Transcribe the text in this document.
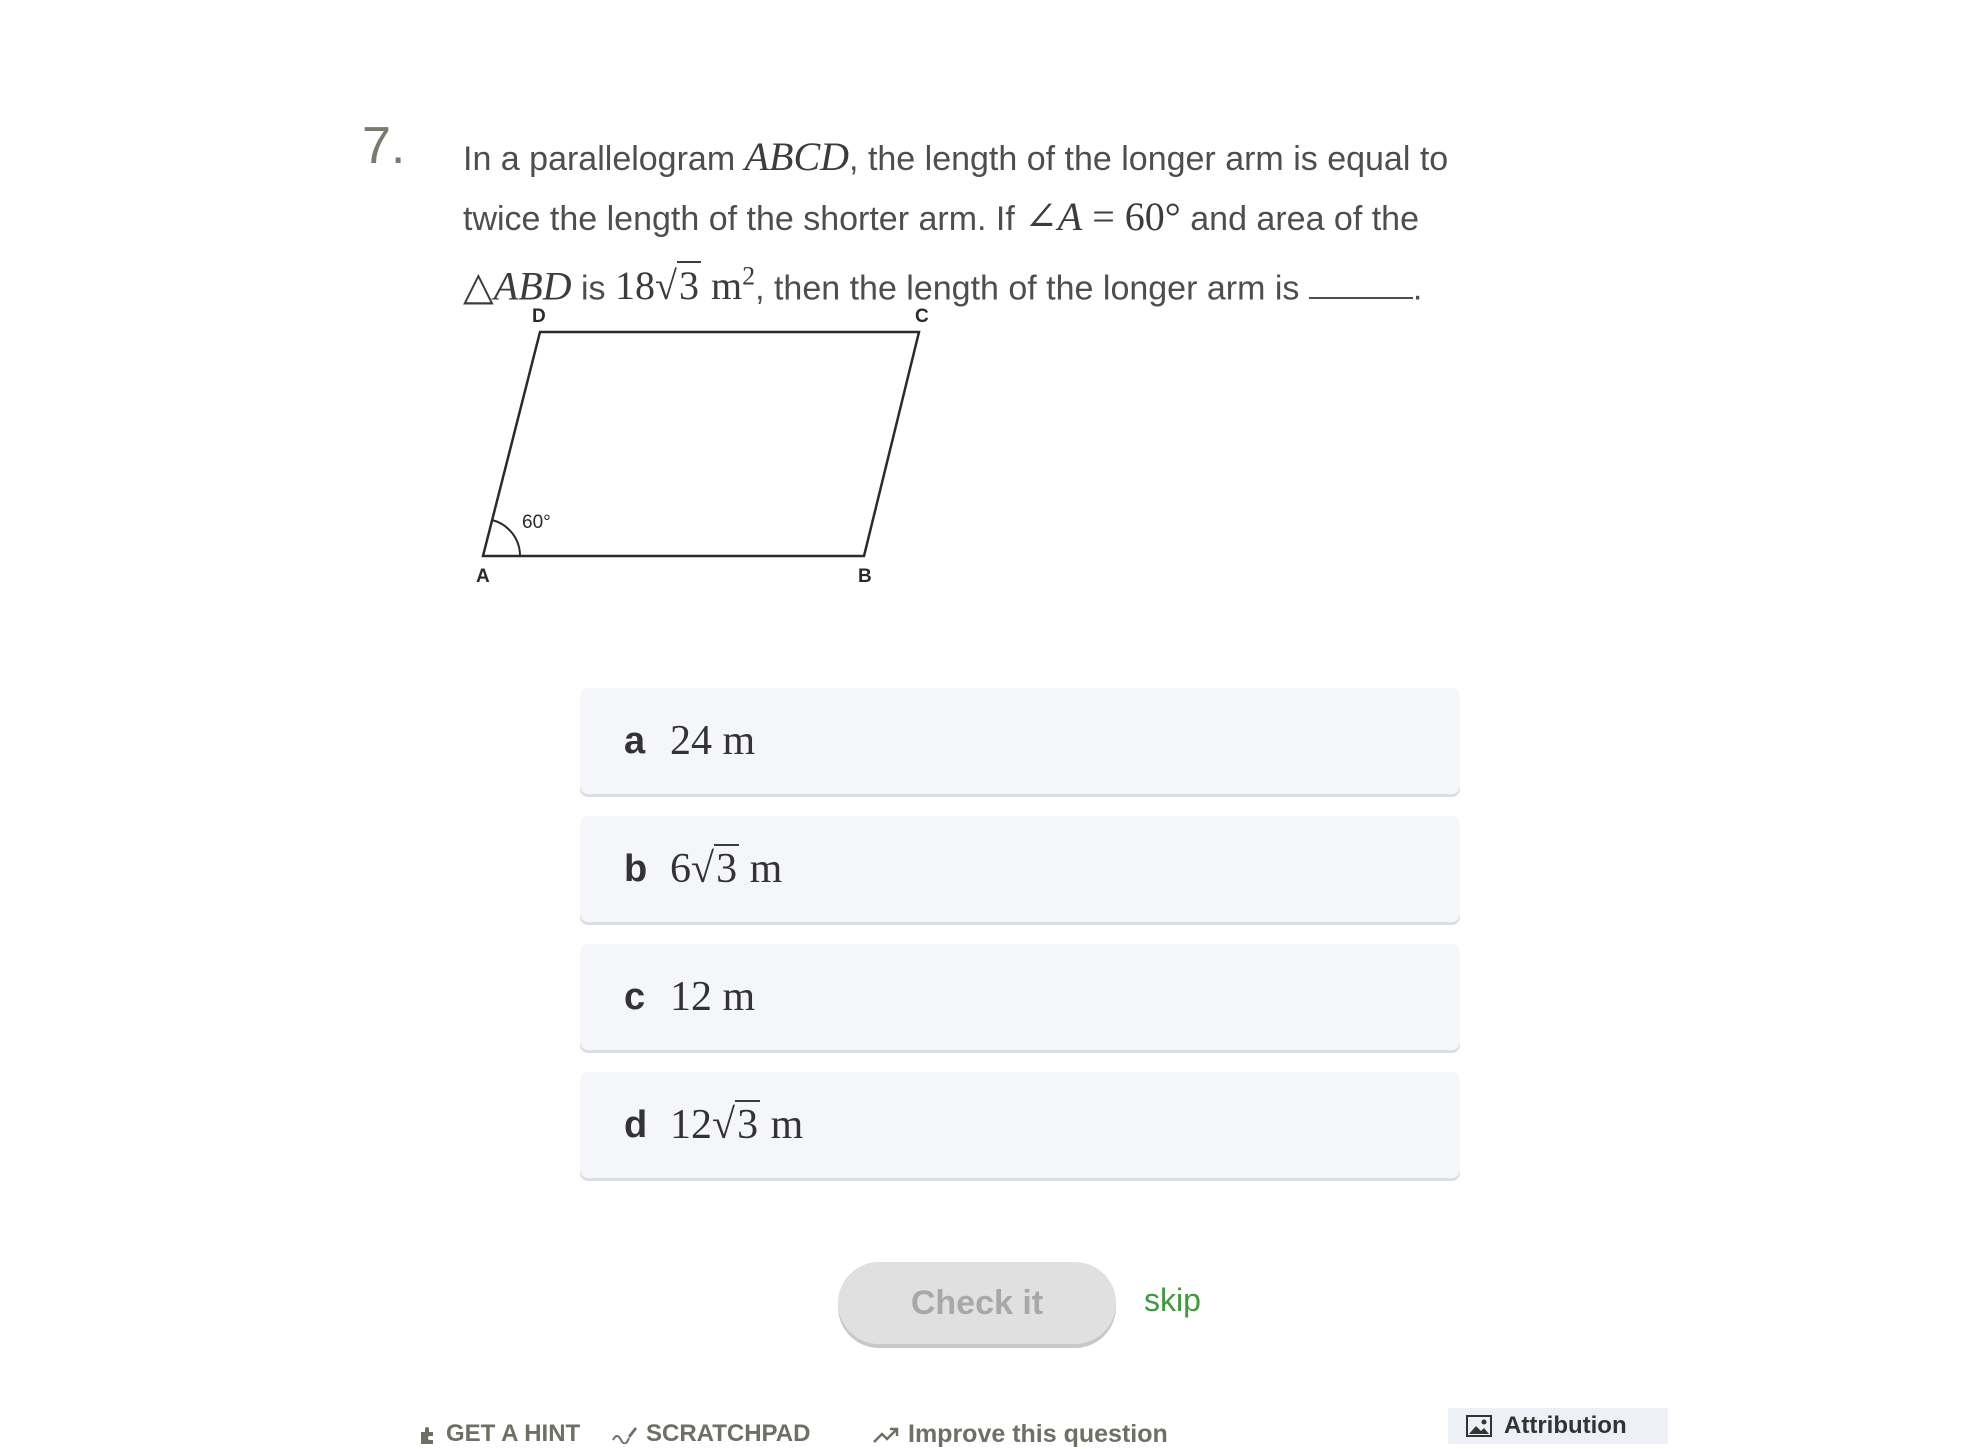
7. In a parallelogram ABCD, the length of the longer arm is equal to
twice the length of the shorter arm. If ∠A = 60° and area of the
△ABD is 18√3 $m^2$, then the length of the longer arm is	.
60°
A	B
C
D
a 24 m
b 6√3 m
c 12 m
d 12√3 m
Check it	skip
GET A HINT	SCRATCHPAD	Improve this question	Attribution
